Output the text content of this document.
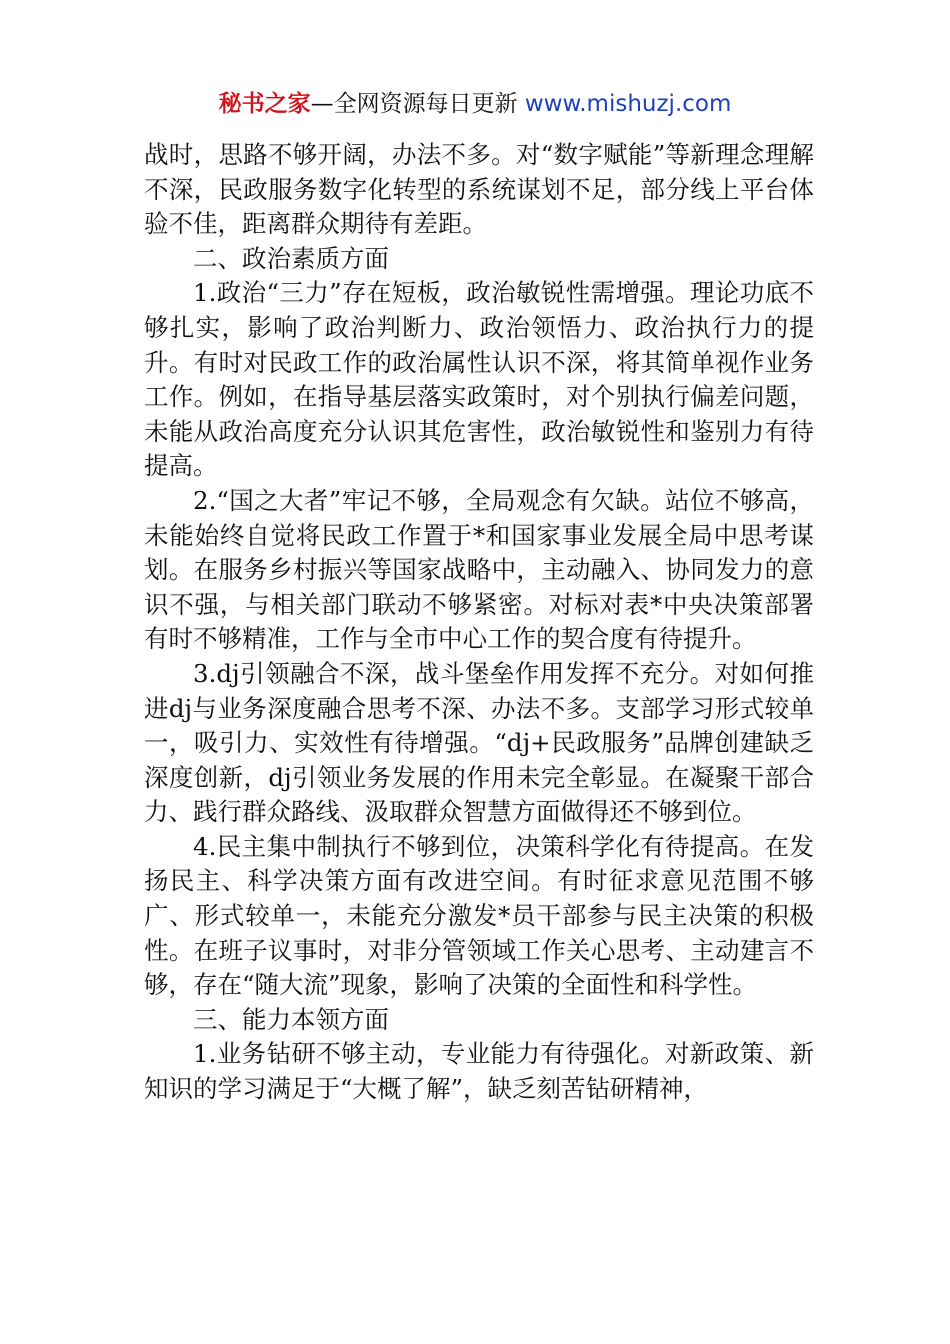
秘书之家—全网资源每日更新 www.mishuzj.com

战时，思路不够开阔，办法不多。对“数字赋能”等新理念理解不深，民政服务数字化转型的系统谋划不足，部分线上平台体验不佳，距离群众期待有差距。

二、政治素质方面

1.政治“三力”存在短板，政治敏锐性需增强。理论功底不够扎实，影响了政治判断力、政治领悟力、政治执行力的提升。有时对民政工作的政治属性认识不深，将其简单视作业务工作。例如，在指导基层落实政策时，对个别执行偏差问题，未能从政治高度充分认识其危害性，政治敏锐性和鉴别力有待提高。

2.“国之大者”牢记不够，全局观念有欠缺。站位不够高，未能始终自觉将民政工作置于*和国家事业发展全局中思考谋划。在服务乡村振兴等国家战略中，主动融入、协同发力的意识不强，与相关部门联动不够紧密。对标对表*中央决策部署有时不够精准，工作与全市中心工作的契合度有待提升。

3.dj引领融合不深，战斗堡垒作用发挥不充分。对如何推进dj与业务深度融合思考不深、办法不多。支部学习形式较单一，吸引力、实效性有待增强。“dj+民政服务”品牌创建缺乏深度创新，dj引领业务发展的作用未完全彰显。在凝聚干部合力、践行群众路线、汲取群众智慧方面做得还不够到位。

4.民主集中制执行不够到位，决策科学化有待提高。在发扬民主、科学决策方面有改进空间。有时征求意见范围不够广、形式较单一，未能充分激发*员干部参与民主决策的积极性。在班子议事时，对非分管领域工作关心思考、主动建言不够，存在“随大流”现象，影响了决策的全面性和科学性。

三、能力本领方面

1.业务钻研不够主动，专业能力有待强化。对新政策、新知识的学习满足于“大概了解”，缺乏刻苦钻研精神，
